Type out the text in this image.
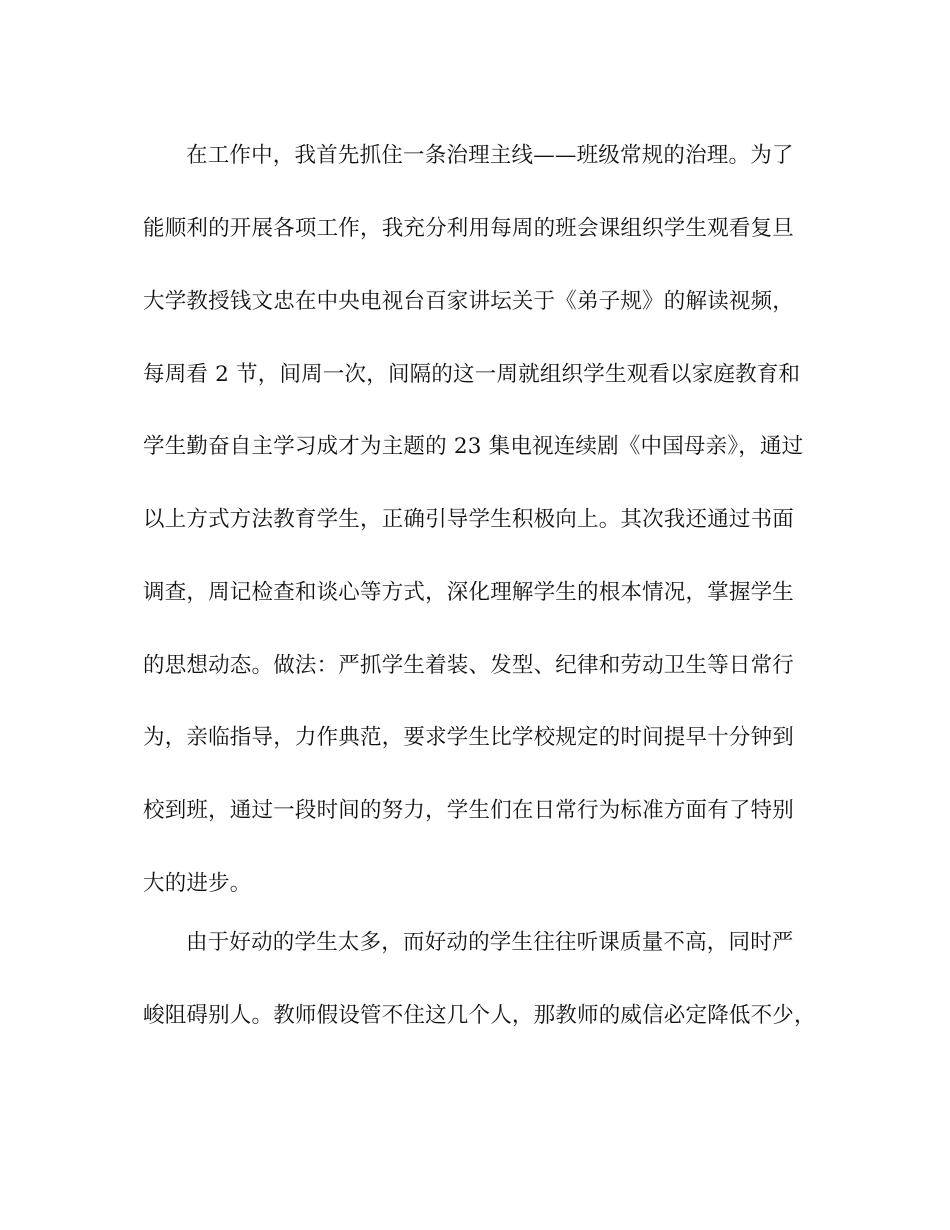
在工作中，我首先抓住一条治理主线——班级常规的治理。为了
能顺利的开展各项工作，我充分利用每周的班会课组织学生观看复旦
大学教授钱文忠在中央电视台百家讲坛关于《弟子规》的解读视频，
每周看 2 节，间周一次，间隔的这一周就组织学生观看以家庭教育和
学生勤奋自主学习成才为主题的 23 集电视连续剧《中国母亲》，通过
以上方式方法教育学生，正确引导学生积极向上。其次我还通过书面
调查，周记检查和谈心等方式，深化理解学生的根本情况，掌握学生
的思想动态。做法：严抓学生着装、发型、纪律和劳动卫生等日常行
为，亲临指导，力作典范，要求学生比学校规定的时间提早十分钟到
校到班，通过一段时间的努力，学生们在日常行为标准方面有了特别
大的进步。
由于好动的学生太多，而好动的学生往往听课质量不高，同时严
峻阻碍别人。教师假设管不住这几个人，那教师的威信必定降低不少，
